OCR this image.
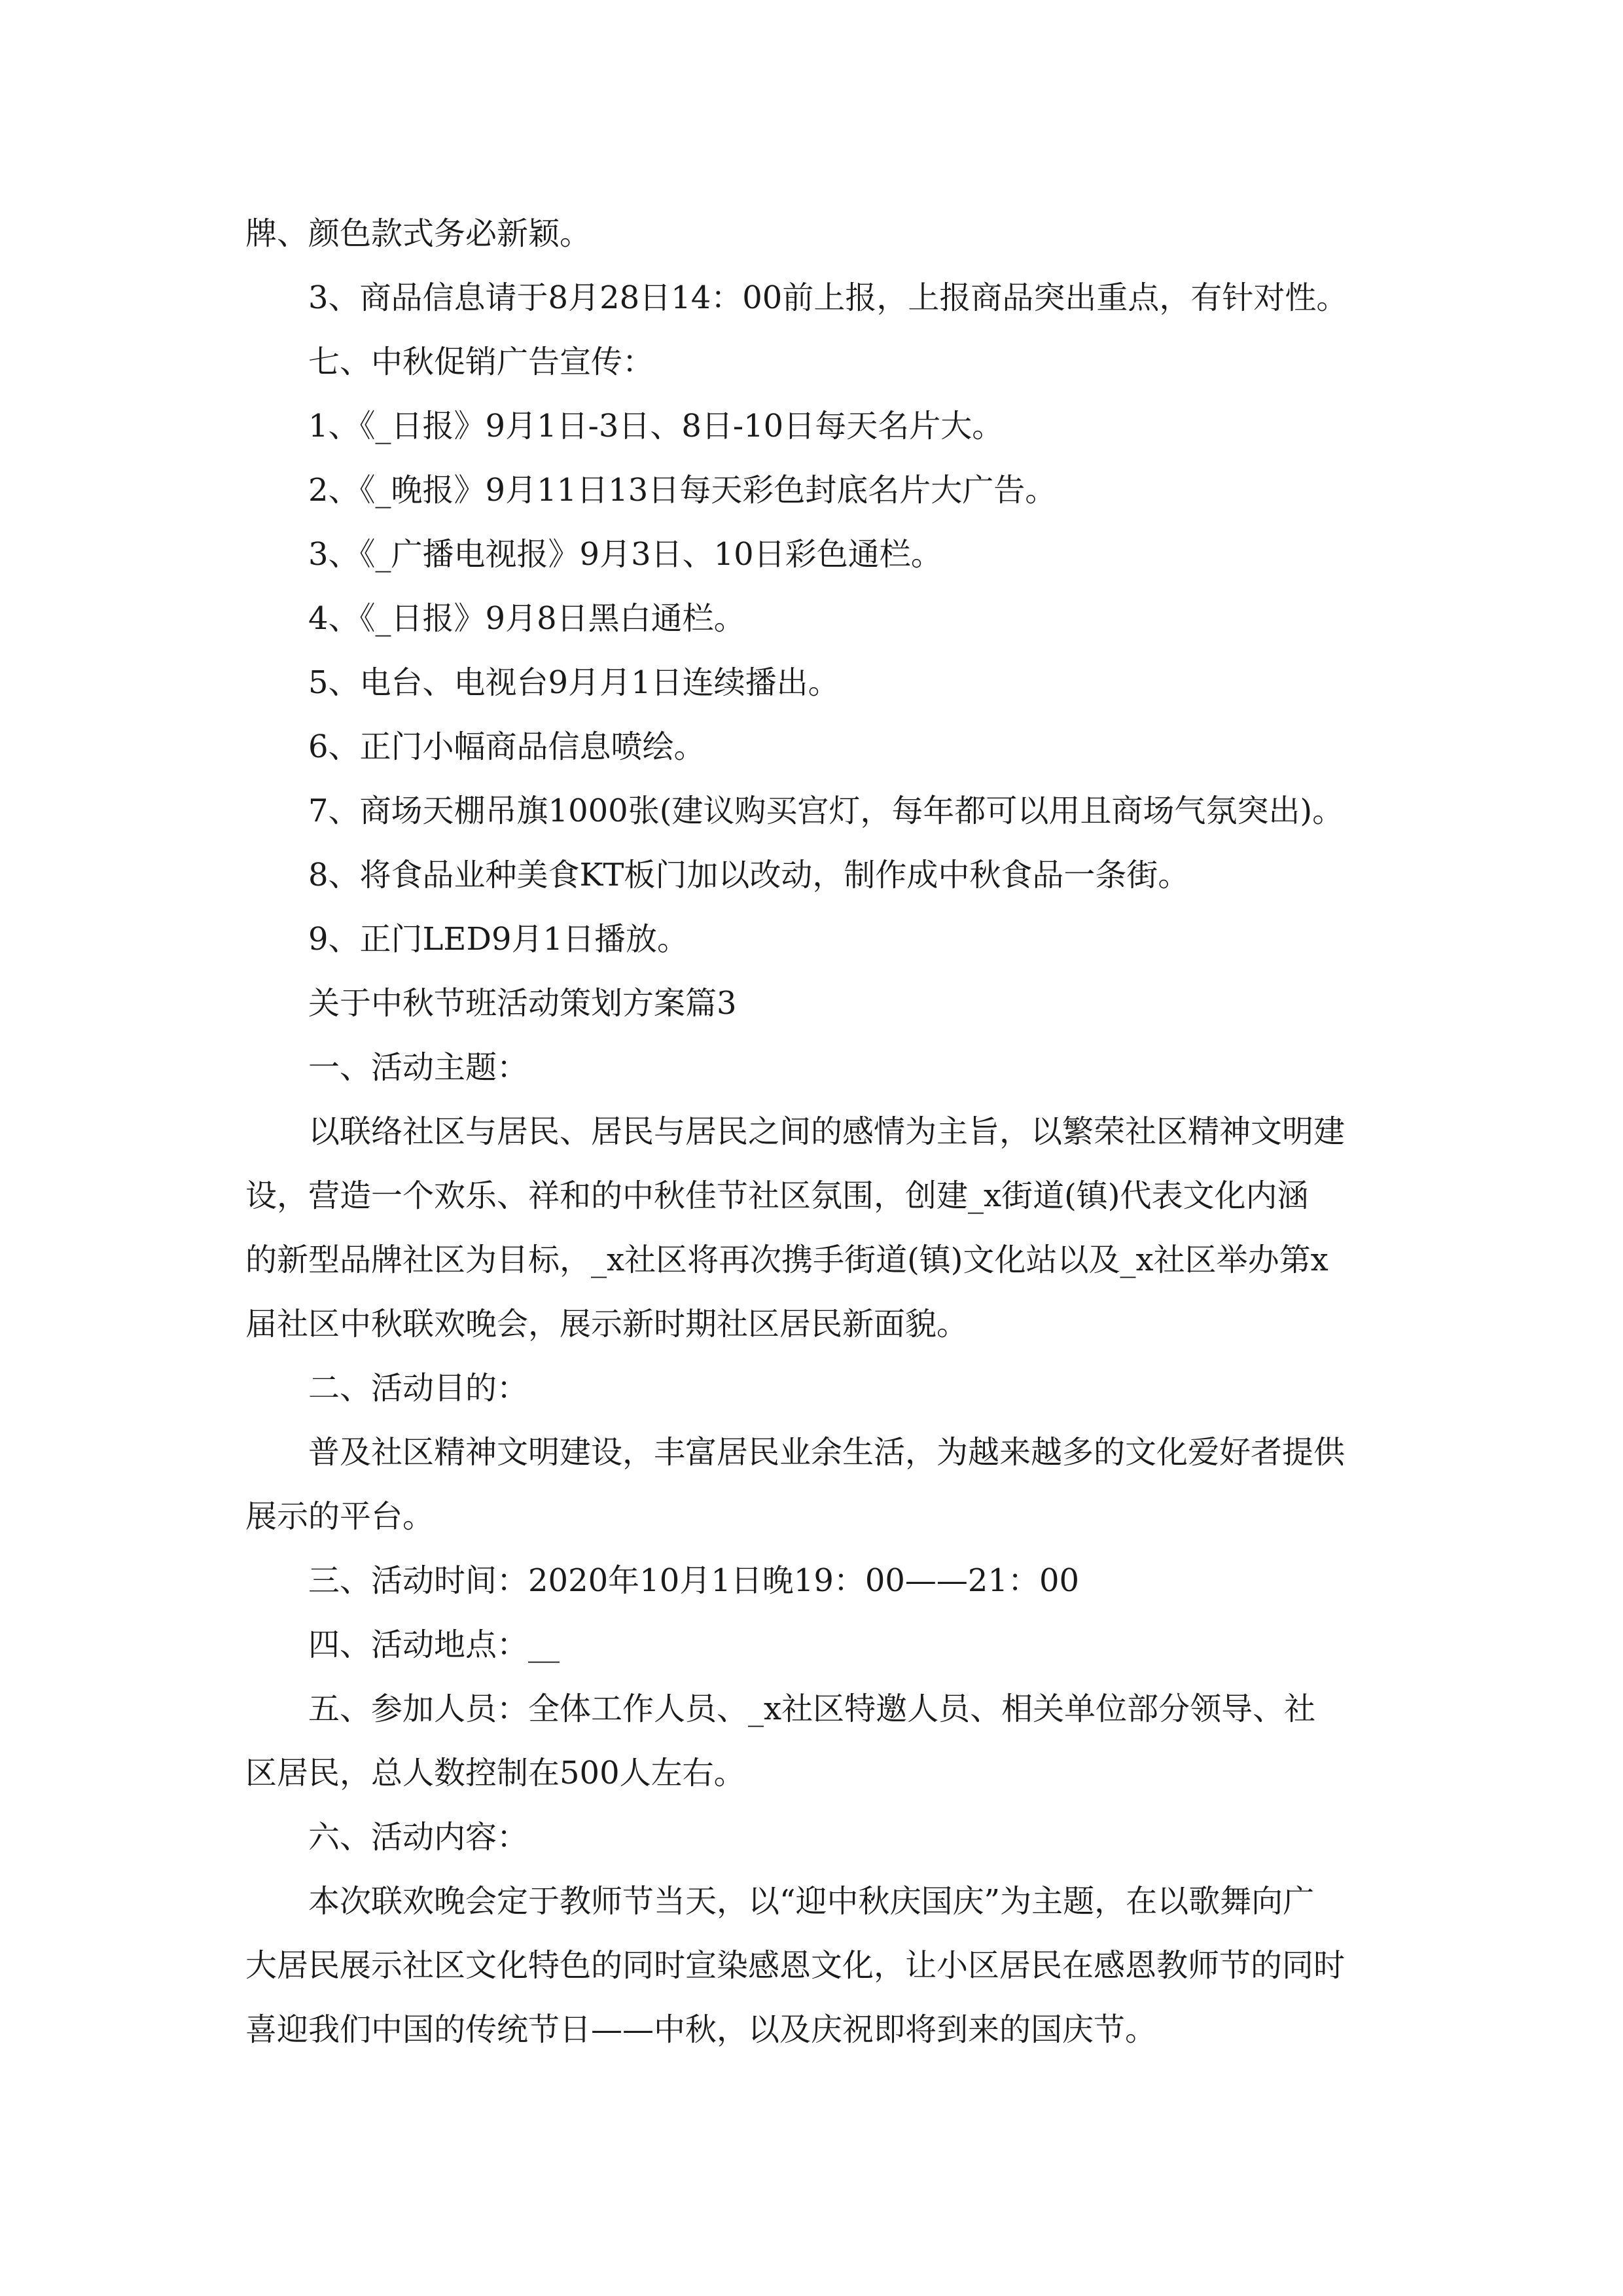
牌、颜色款式务必新颖。
3、商品信息请于8月28日14：00前上报，上报商品突出重点，有针对性。
七、中秋促销广告宣传：
1、《_日报》9月1日-3日、8日-10日每天名片大。
2、《_晚报》9月11日13日每天彩色封底名片大广告。
3、《_广播电视报》9月3日、10日彩色通栏。
4、《_日报》9月8日黑白通栏。
5、电台、电视台9月月1日连续播出。
6、正门小幅商品信息喷绘。
7、商场天棚吊旗1000张(建议购买宫灯，每年都可以用且商场气氛突出)。
8、将食品业种美食KT板门加以改动，制作成中秋食品一条街。
9、正门LED9月1日播放。
关于中秋节班活动策划方案篇3
一、活动主题：
以联络社区与居民、居民与居民之间的感情为主旨，以繁荣社区精神文明建
设，营造一个欢乐、祥和的中秋佳节社区氛围，创建_x街道(镇)代表文化内涵
的新型品牌社区为目标，_x社区将再次携手街道(镇)文化站以及_x社区举办第x
届社区中秋联欢晚会，展示新时期社区居民新面貌。
二、活动目的：
普及社区精神文明建设，丰富居民业余生活，为越来越多的文化爱好者提供
展示的平台。
三、活动时间：2020年10月1日晚19：00——21：00
四、活动地点：__
五、参加人员：全体工作人员、_x社区特邀人员、相关单位部分领导、社
区居民，总人数控制在500人左右。
六、活动内容：
本次联欢晚会定于教师节当天，以“迎中秋庆国庆”为主题，在以歌舞向广
大居民展示社区文化特色的同时宣染感恩文化，让小区居民在感恩教师节的同时
喜迎我们中国的传统节日——中秋，以及庆祝即将到来的国庆节。
